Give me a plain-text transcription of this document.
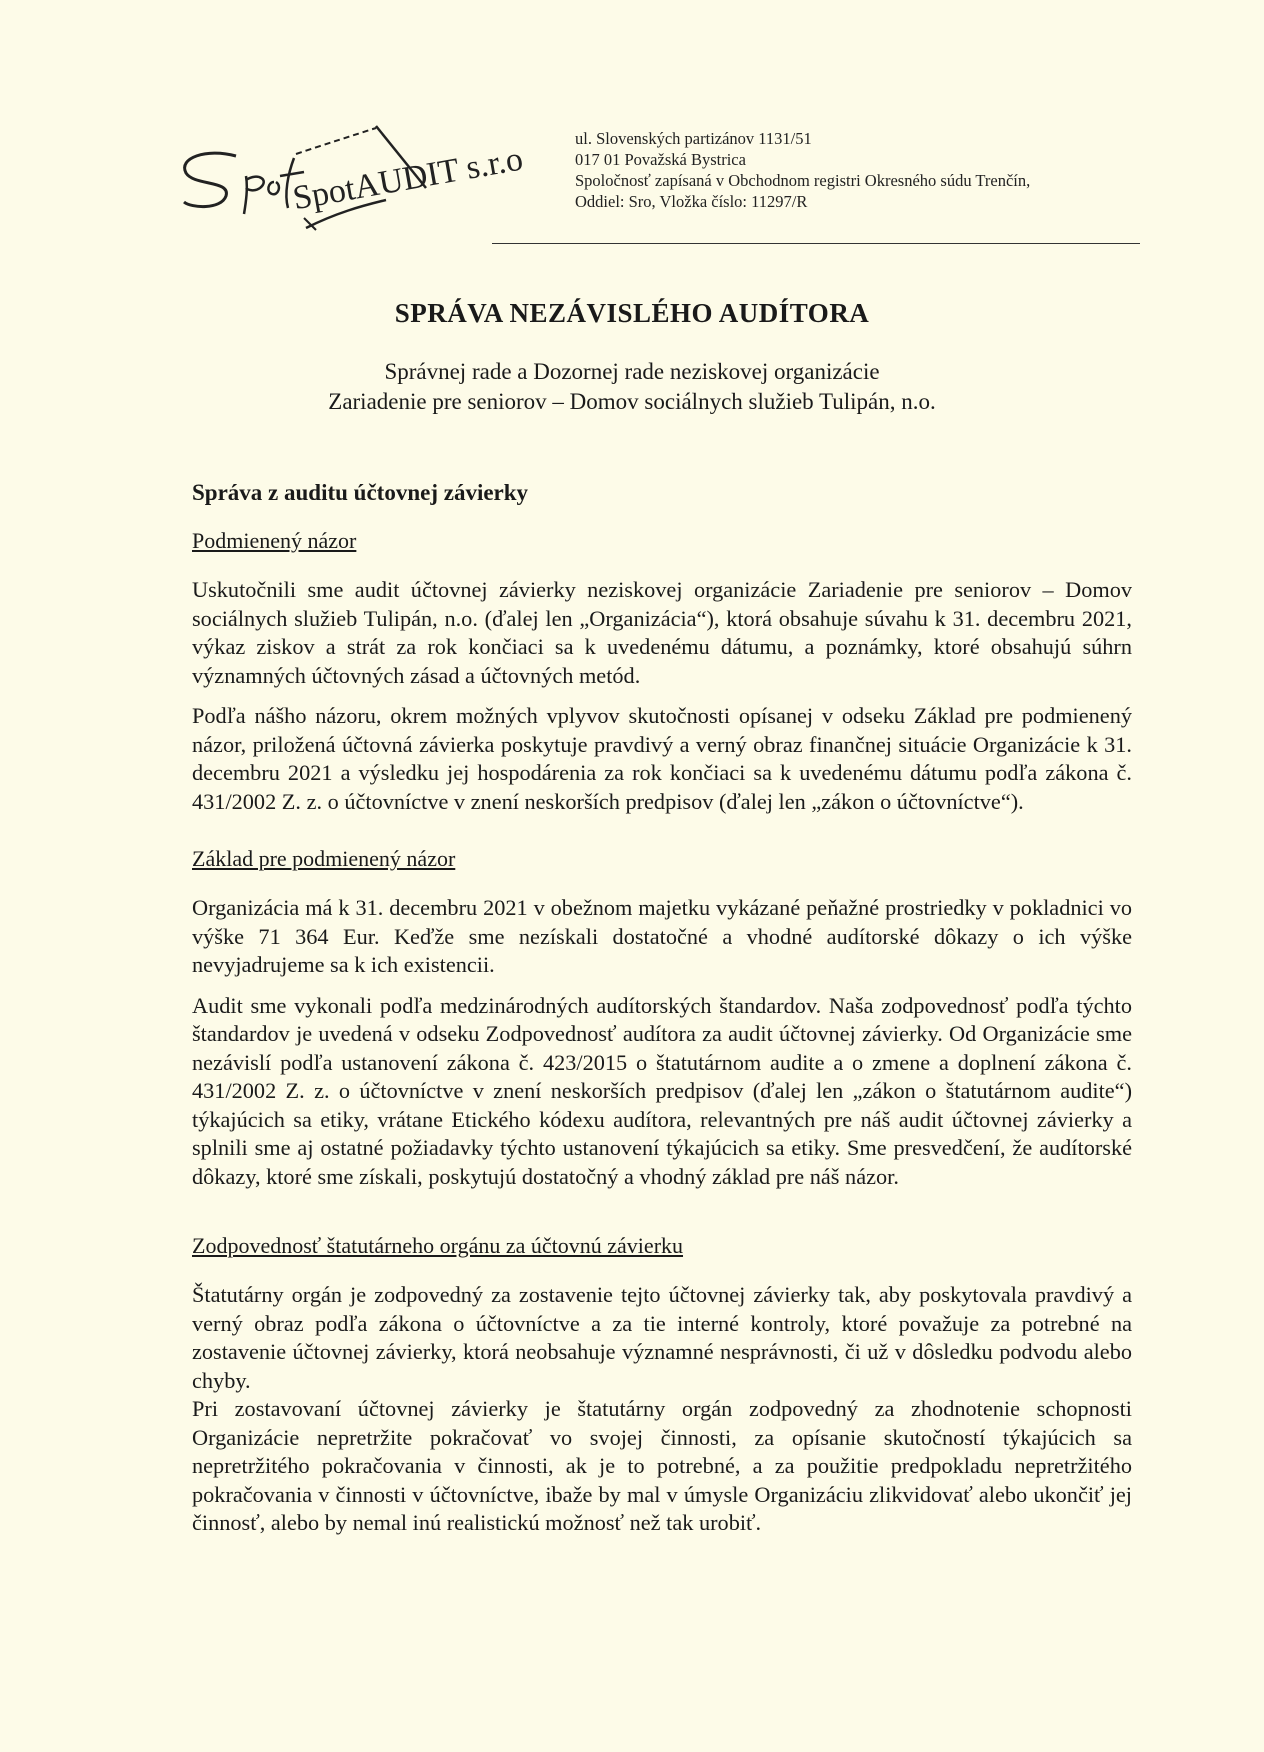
SpotAUDIT s.r.o
ul. Slovenských partizánov 1131/51
017 01 Považská Bystrica
Spoločnosť zapísaná v Obchodnom registri Okresného súdu Trenčín,
Oddiel: Sro, Vložka číslo: 11297/R
SPRÁVA NEZÁVISLÉHO AUDÍTORA
Správnej rade a Dozornej rade neziskovej organizácie
Zariadenie pre seniorov – Domov sociálnych služieb Tulipán, n.o.
Správa z auditu účtovnej závierky
Podmienený názor

Uskutočnili sme audit účtovnej závierky neziskovej organizácie Zariadenie pre seniorov – Domov sociálnych služieb Tulipán, n.o. (ďalej len „Organizácia“), ktorá obsahuje súvahu k 31. decembru 2021, výkaz ziskov a strát za rok končiaci sa k uvedenému dátumu, a poznámky, ktoré obsahujú súhrn významných účtovných zásad a účtovných metód.

Podľa nášho názoru, okrem možných vplyvov skutočnosti opísanej v odseku Základ pre podmienený názor, priložená účtovná závierka poskytuje pravdivý a verný obraz finančnej situácie Organizácie k 31. decembru 2021 a výsledku jej hospodárenia za rok končiaci sa k uvedenému dátumu podľa zákona č. 431/2002 Z. z. o účtovníctve v znení neskorších predpisov (ďalej len „zákon o účtovníctve“).

Základ pre podmienený názor

Organizácia má k 31. decembru 2021 v obežnom majetku vykázané peňažné prostriedky v pokladnici vo výške 71 364 Eur. Keďže sme nezískali dostatočné a vhodné audítorské dôkazy o ich výške nevyjadrujeme sa k ich existencii.

Audit sme vykonali podľa medzinárodných audítorských štandardov. Naša zodpovednosť podľa týchto štandardov je uvedená v odseku Zodpovednosť audítora za audit účtovnej závierky. Od Organizácie sme nezávislí podľa ustanovení zákona č. 423/2015 o štatutárnom audite a o zmene a doplnení zákona č. 431/2002 Z. z. o účtovníctve v znení neskorších predpisov (ďalej len „zákon o štatutárnom audite“) týkajúcich sa etiky, vrátane Etického kódexu audítora, relevantných pre náš audit účtovnej závierky a splnili sme aj ostatné požiadavky týchto ustanovení týkajúcich sa etiky. Sme presvedčení, že audítorské dôkazy, ktoré sme získali, poskytujú dostatočný a vhodný základ pre náš názor.

Zodpovednosť štatutárneho orgánu za účtovnú závierku

Štatutárny orgán je zodpovedný za zostavenie tejto účtovnej závierky tak, aby poskytovala pravdivý a verný obraz podľa zákona o účtovníctve a za tie interné kontroly, ktoré považuje za potrebné na zostavenie účtovnej závierky, ktorá neobsahuje významné nesprávnosti, či už v dôsledku podvodu alebo chyby.

Pri zostavovaní účtovnej závierky je štatutárny orgán zodpovedný za zhodnotenie schopnosti Organizácie nepretržite pokračovať vo svojej činnosti, za opísanie skutočností týkajúcich sa nepretržitého pokračovania v činnosti, ak je to potrebné, a za použitie predpokladu nepretržitého pokračovania v činnosti v účtovníctve, ibaže by mal v úmysle Organizáciu zlikvidovať alebo ukončiť jej činnosť, alebo by nemal inú realistickú možnosť než tak urobiť.
